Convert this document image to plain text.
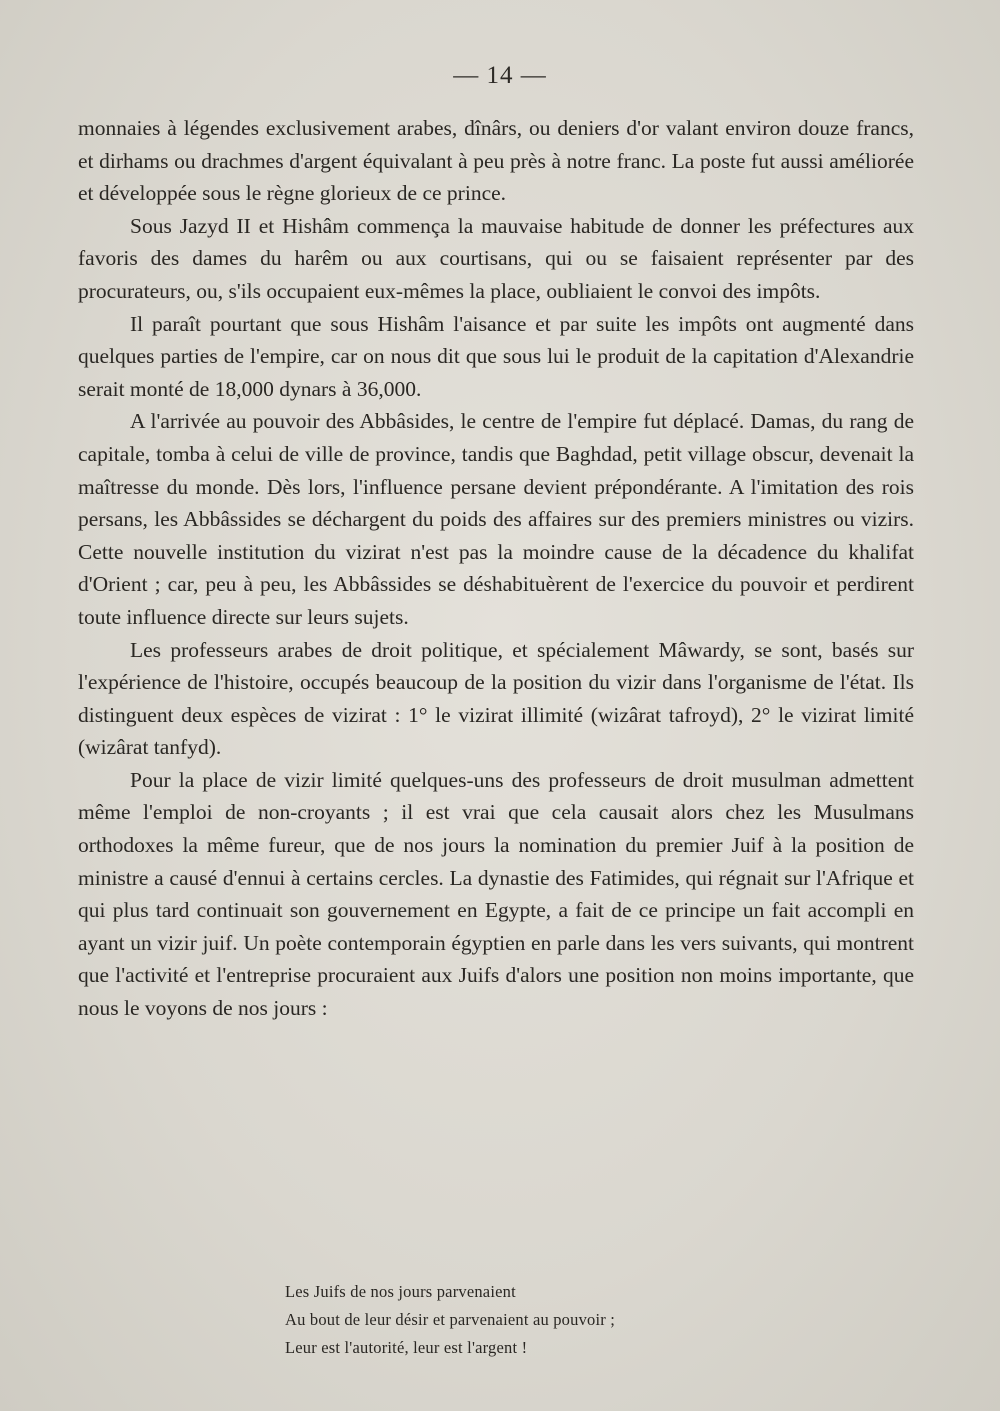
— 14 —

monnaies à légendes exclusivement arabes, dînârs, ou deniers d'or valant environ douze francs, et dirhams ou drachmes d'argent équivalant à peu près à notre franc. La poste fut aussi améliorée et développée sous le règne glorieux de ce prince.

Sous Jazyd II et Hishâm commença la mauvaise habitude de donner les préfectures aux favoris des dames du harêm ou aux courtisans, qui ou se faisaient représenter par des procurateurs, ou, s'ils occupaient eux-mêmes la place, oubliaient le convoi des impôts.

Il paraît pourtant que sous Hishâm l'aisance et par suite les impôts ont augmenté dans quelques parties de l'empire, car on nous dit que sous lui le produit de la capitation d'Alexandrie serait monté de 18,000 dynars à 36,000.

A l'arrivée au pouvoir des Abbâsides, le centre de l'empire fut déplacé. Damas, du rang de capitale, tomba à celui de ville de province, tandis que Baghdad, petit village obscur, devenait la maîtresse du monde. Dès lors, l'influence persane devient prépondérante. A l'imitation des rois persans, les Abbâssides se déchargent du poids des affaires sur des premiers ministres ou vizirs. Cette nouvelle institution du vizirat n'est pas la moindre cause de la décadence du khalifat d'Orient ; car, peu à peu, les Abbâssides se déshabituèrent de l'exercice du pouvoir et perdirent toute influence directe sur leurs sujets.

Les professeurs arabes de droit politique, et spécialement Mâwardy, se sont, basés sur l'expérience de l'histoire, occupés beaucoup de la position du vizir dans l'organisme de l'état. Ils distinguent deux espèces de vizirat : 1° le vizirat illimité (wizârat tafroyd), 2° le vizirat limité (wizârat tanfyd).

Pour la place de vizir limité quelques-uns des professeurs de droit musulman admettent même l'emploi de non-croyants ; il est vrai que cela causait alors chez les Musulmans orthodoxes la même fureur, que de nos jours la nomination du premier Juif à la position de ministre a causé d'ennui à certains cercles. La dynastie des Fatimides, qui régnait sur l'Afrique et qui plus tard continuait son gouvernement en Egypte, a fait de ce principe un fait accompli en ayant un vizir juif. Un poète contemporain égyptien en parle dans les vers suivants, qui montrent que l'activité et l'entreprise procuraient aux Juifs d'alors une position non moins importante, que nous le voyons de nos jours :

Les Juifs de nos jours parvenaient
Au bout de leur désir et parvenaient au pouvoir ;
Leur est l'autorité, leur est l'argent !
